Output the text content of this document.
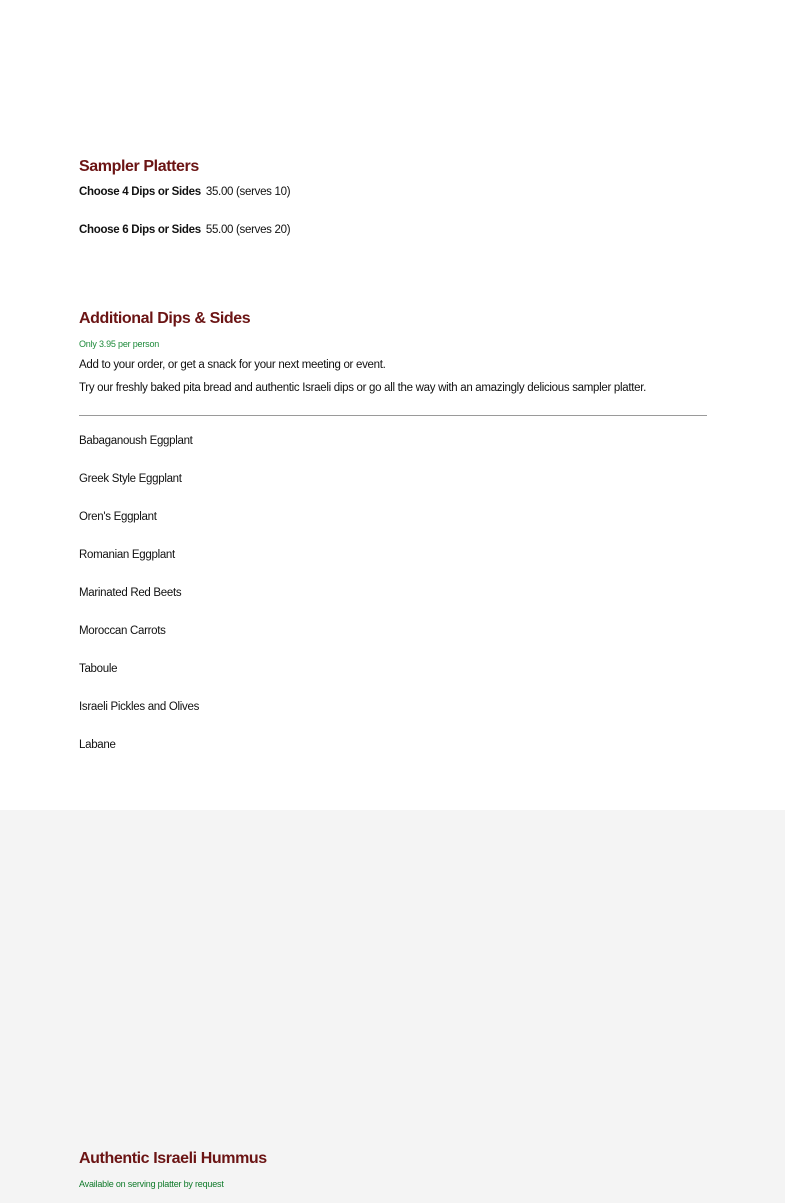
Sampler Platters
Choose 4 Dips or Sides 35.00 (serves 10)
Choose 6 Dips or Sides 55.00 (serves 20)
Additional Dips & Sides
Only 3.95 per person
Add to your order, or get a snack for your next meeting or event.
Try our freshly baked pita bread and authentic Israeli dips or go all the way with an amazingly delicious sampler platter.
Babaganoush Eggplant
Greek Style Eggplant
Oren's Eggplant
Romanian Eggplant
Marinated Red Beets
Moroccan Carrots
Taboule
Israeli Pickles and Olives
Labane
Authentic Israeli Hummus
Available on serving platter by request
